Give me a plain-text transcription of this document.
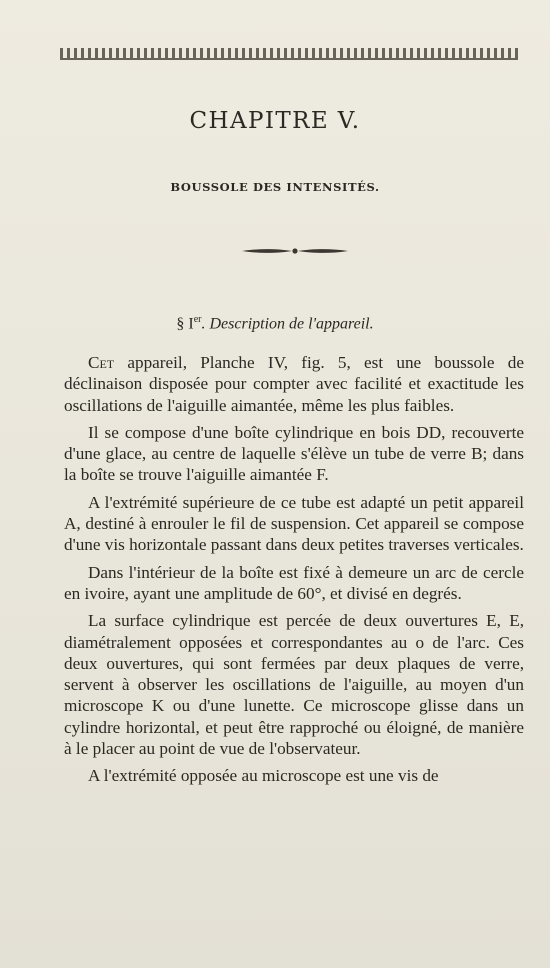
CHAPITRE V.
BOUSSOLE DES INTENSITÉS.
§ Ier. Description de l'appareil.

Cet appareil, Planche IV, fig. 5, est une boussole de déclinaison disposée pour compter avec facilité et exactitude les oscillations de l'aiguille aimantée, même les plus faibles.

Il se compose d'une boîte cylindrique en bois DD, recouverte d'une glace, au centre de laquelle s'élève un tube de verre B; dans la boîte se trouve l'aiguille aimantée F.

A l'extrémité supérieure de ce tube est adapté un petit appareil A, destiné à enrouler le fil de suspension. Cet appareil se compose d'une vis horizontale passant dans deux petites traverses verticales.

Dans l'intérieur de la boîte est fixé à demeure un arc de cercle en ivoire, ayant une amplitude de 60°, et divisé en degrés.

La surface cylindrique est percée de deux ouvertures E, E, diamétralement opposées et correspondantes au o de l'arc. Ces deux ouvertures, qui sont fermées par deux plaques de verre, servent à observer les oscillations de l'aiguille, au moyen d'un microscope K ou d'une lunette. Ce microscope glisse dans un cylindre horizontal, et peut être rapproché ou éloigné, de manière à le placer au point de vue de l'observateur.

A l'extrémité opposée au microscope est une vis de
